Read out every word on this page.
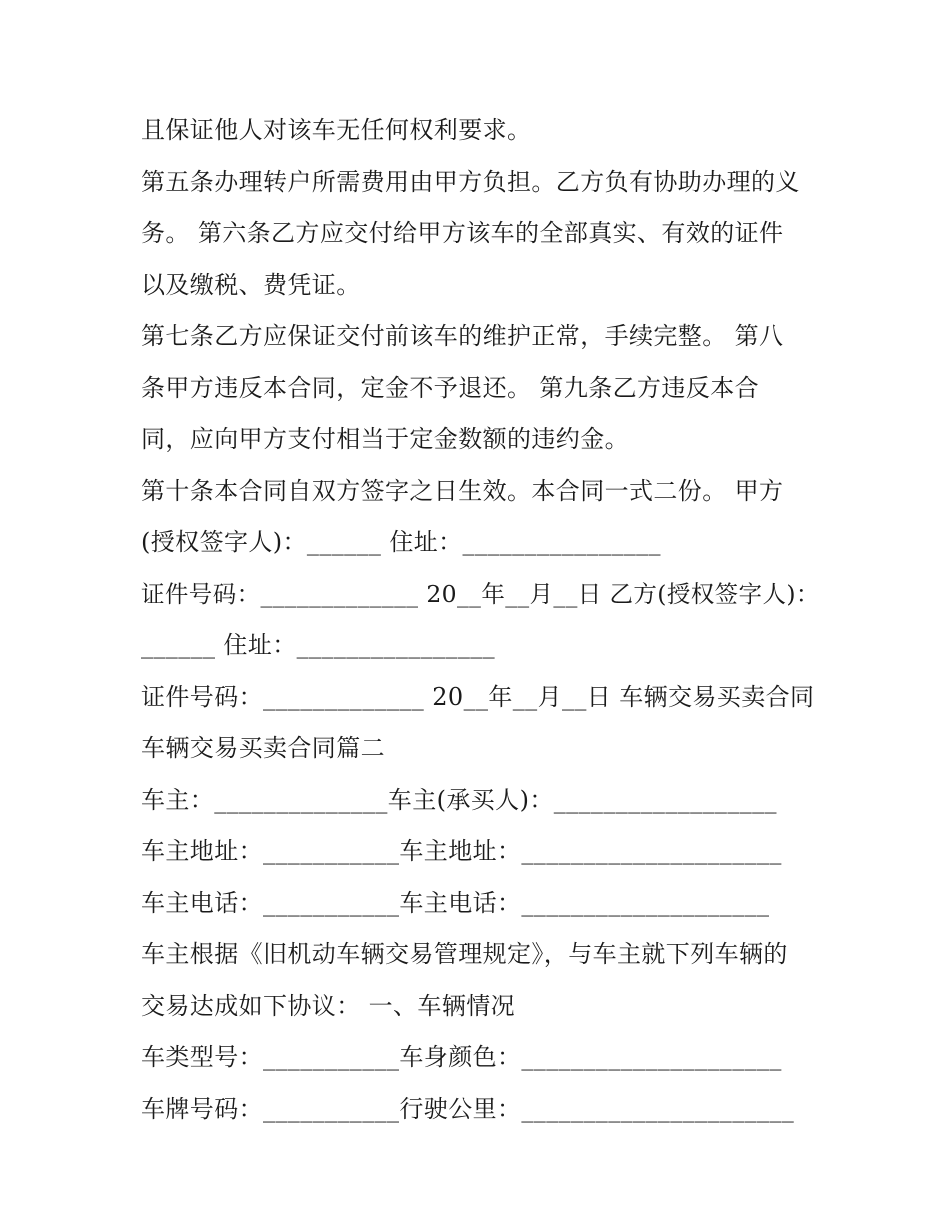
且保证他人对该车无任何权利要求。
第五条办理转户所需费用由甲方负担。乙方负有协助办理的义
务。 第六条乙方应交付给甲方该车的全部真实、有效的证件
以及缴税、费凭证。
第七条乙方应保证交付前该车的维护正常，手续完整。 第八
条甲方违反本合同，定金不予退还。 第九条乙方违反本合
同，应向甲方支付相当于定金数额的违约金。
第十条本合同自双方签字之日生效。本合同一式二份。 甲方
(授权签字人)：______ 住址：________________
证件号码：_____________ 20__年__月__日 乙方(授权签字人)：
______ 住址：________________
证件号码：_____________ 20__年__月__日 车辆交易买卖合同
车辆交易买卖合同篇二
车主：______________车主(承买人)：__________________
车主地址：___________车主地址：_____________________
车主电话：___________车主电话：____________________
车主根据《旧机动车辆交易管理规定》，与车主就下列车辆的
交易达成如下协议： 一、车辆情况
车类型号：___________车身颜色：_____________________
车牌号码：___________行驶公里：______________________
